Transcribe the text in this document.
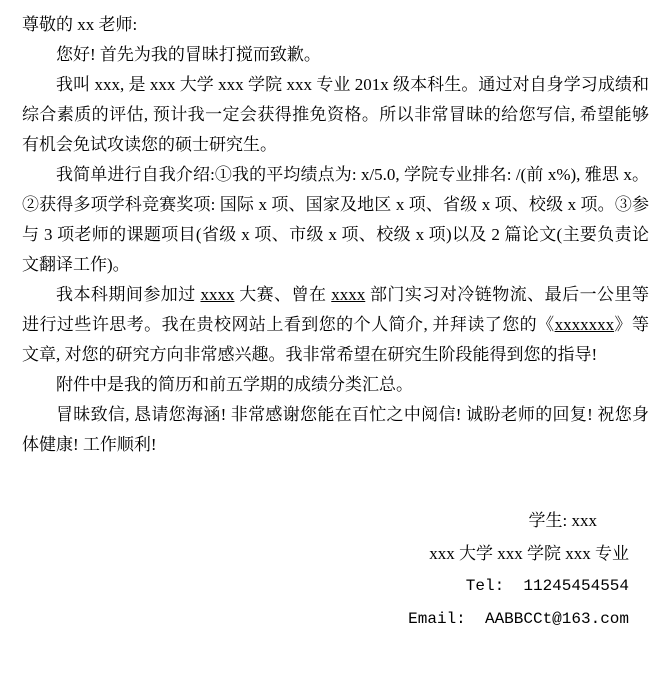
尊敬的 xx 老师:

您好! 首先为我的冒昧打搅而致歉。

我叫 xxx, 是 xxx 大学 xxx 学院 xxx 专业 201x 级本科生。通过对自身学习成绩和综合素质的评估, 预计我一定会获得推免资格。所以非常冒昧的给您写信, 希望能够有机会免试攻读您的硕士研究生。

我简单进行自我介绍:①我的平均绩点为: x/5.0, 学院专业排名: /(前 x%), 雅思 x。②获得多项学科竞赛奖项: 国际 x 项、国家及地区 x 项、省级 x 项、校级 x 项。③参与 3 项老师的课题项目(省级 x 项、市级 x 项、校级 x 项)以及 2 篇论文(主要负责论文翻译工作)。

我本科期间参加过 xxxx 大赛、曾在 xxxx 部门实习对冷链物流、最后一公里等进行过些许思考。我在贵校网站上看到您的个人简介, 并拜读了您的《xxxxxxx》等文章, 对您的研究方向非常感兴趣。我非常希望在研究生阶段能得到您的指导!

附件中是我的简历和前五学期的成绩分类汇总。

冒昧致信, 恳请您海涵! 非常感谢您能在百忙之中阅信! 诚盼老师的回复! 祝您身体健康! 工作顺利!

学生: xxx

xxx 大学 xxx 学院 xxx 专业

Tel: 11245454554

Email: AABBCCt@163.com
